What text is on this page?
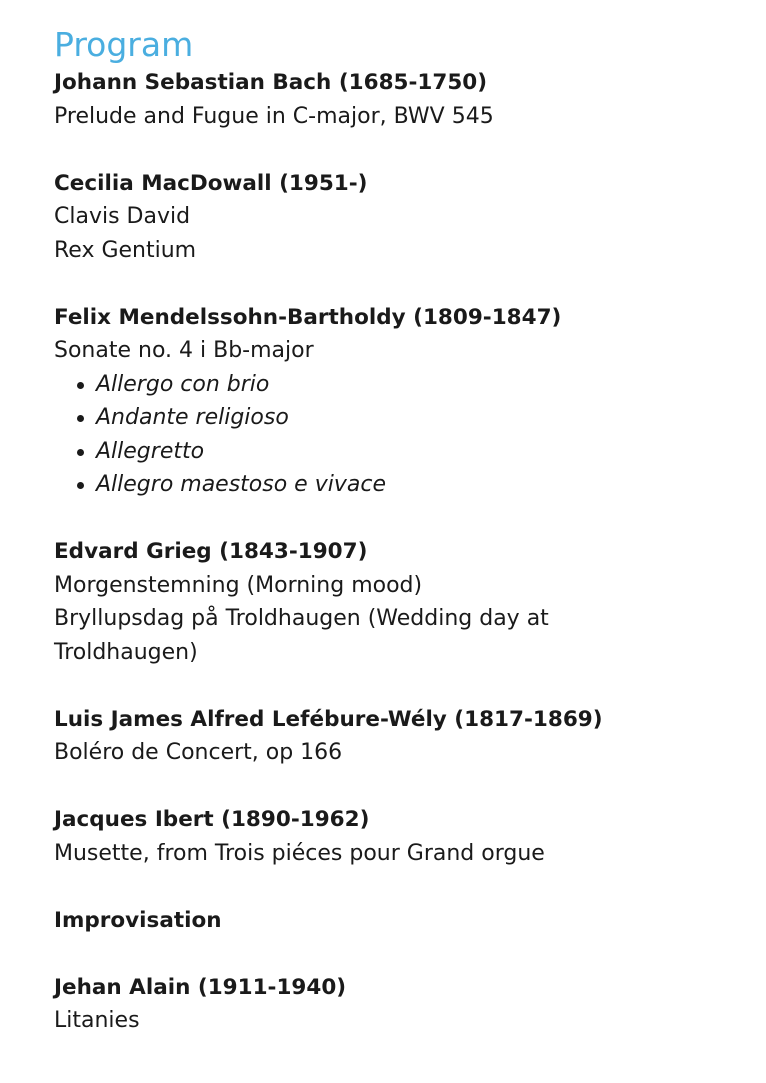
Program
Johann Sebastian Bach (1685-1750)
Prelude and Fugue in C-major, BWV 545
Cecilia MacDowall (1951-)
Clavis David
Rex Gentium
Felix Mendelssohn-Bartholdy (1809-1847)
Sonate no. 4 i Bb-major
Allergo con brio
Andante religioso
Allegretto
Allegro maestoso e vivace
Edvard Grieg (1843-1907)
Morgenstemning (Morning mood)
Bryllupsdag på Troldhaugen (Wedding day at Troldhaugen)
Luis James Alfred Lefébure-Wély (1817-1869)
Boléro de Concert, op 166
Jacques Ibert (1890-1962)
Musette, from Trois piéces pour Grand orgue
Improvisation
Jehan Alain (1911-1940)
Litanies
